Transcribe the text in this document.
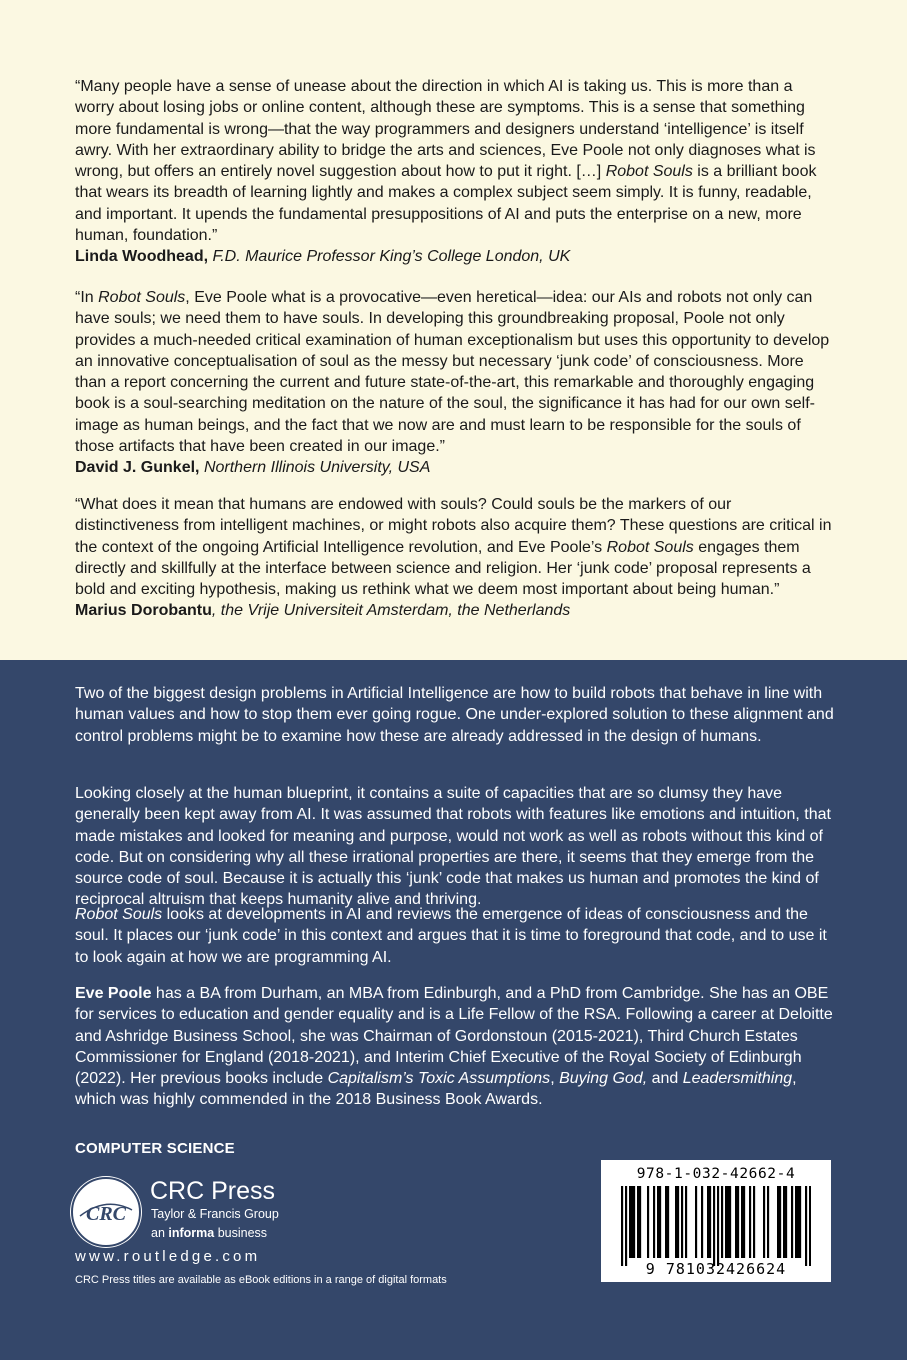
“Many people have a sense of unease about the direction in which AI is taking us. This is more than a worry about losing jobs or online content, although these are symptoms. This is a sense that something more fundamental is wrong—that the way programmers and designers understand ‘intelligence’ is itself awry. With her extraordinary ability to bridge the arts and sciences, Eve Poole not only diagnoses what is wrong, but offers an entirely novel suggestion about how to put it right. […] Robot Souls is a brilliant book that wears its breadth of learning lightly and makes a complex subject seem simply. It is funny, readable, and important. It upends the fundamental presuppositions of AI and puts the enterprise on a new, more human, foundation.”

Linda Woodhead, F.D. Maurice Professor King’s College London, UK

“In Robot Souls, Eve Poole what is a provocative—even heretical—idea: our AIs and robots not only can have souls; we need them to have souls. In developing this groundbreaking proposal, Poole not only provides a much-needed critical examination of human exceptionalism but uses this opportunity to develop an innovative conceptualisation of soul as the messy but necessary ‘junk code’ of consciousness. More than a report concerning the current and future state-of-the-art, this remarkable and thoroughly engaging book is a soul-searching meditation on the nature of the soul, the significance it has had for our own self-image as human beings, and the fact that we now are and must learn to be responsible for the souls of those artifacts that have been created in our image.”

David J. Gunkel, Northern Illinois University, USA

“What does it mean that humans are endowed with souls? Could souls be the markers of our distinctiveness from intelligent machines, or might robots also acquire them? These questions are critical in the context of the ongoing Artificial Intelligence revolution, and Eve Poole’s Robot Souls engages them directly and skillfully at the interface between science and religion. Her ‘junk code’ proposal represents a bold and exciting hypothesis, making us rethink what we deem most important about being human.”

Marius Dorobantu, the Vrije Universiteit Amsterdam, the Netherlands

Two of the biggest design problems in Artificial Intelligence are how to build robots that behave in line with human values and how to stop them ever going rogue. One under-explored solution to these alignment and control problems might be to examine how these are already addressed in the design of humans.

Looking closely at the human blueprint, it contains a suite of capacities that are so clumsy they have generally been kept away from AI. It was assumed that robots with features like emotions and intuition, that made mistakes and looked for meaning and purpose, would not work as well as robots without this kind of code. But on considering why all these irrational properties are there, it seems that they emerge from the source code of soul. Because it is actually this ‘junk’ code that makes us human and promotes the kind of reciprocal altruism that keeps humanity alive and thriving.

Robot Souls looks at developments in AI and reviews the emergence of ideas of consciousness and the soul. It places our ‘junk code’ in this context and argues that it is time to foreground that code, and to use it to look again at how we are programming AI.

Eve Poole has a BA from Durham, an MBA from Edinburgh, and a PhD from Cambridge. She has an OBE for services to education and gender equality and is a Life Fellow of the RSA. Following a career at Deloitte and Ashridge Business School, she was Chairman of Gordonstoun (2015-2021), Third Church Estates Commissioner for England (2018-2021), and Interim Chief Executive of the Royal Society of Edinburgh (2022). Her previous books include Capitalism’s Toxic Assumptions, Buying God, and Leadersmithing, which was highly commended in the 2018 Business Book Awards.

COMPUTER SCIENCE
CRC
CRC Press
Taylor & Francis Group
an informa business
www.routledge.com
CRC Press titles are available as eBook editions in a range of digital formats
978-1-032-42662-4
9 781032426624
